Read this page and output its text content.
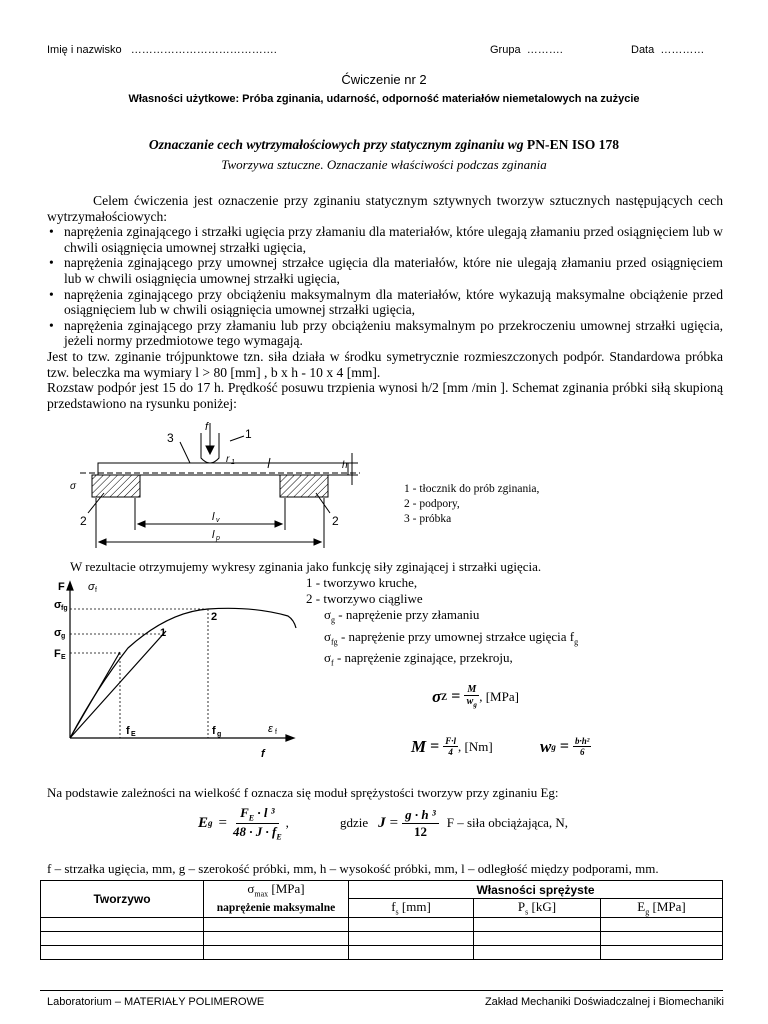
Imię i nazwisko ………………………………….	Grupa ……….	Data …………
Ćwiczenie nr 2
Własności użytkowe: Próba zginania, udarność, odporność materiałów niemetalowych na zużycie
Oznaczanie cech wytrzymałościowych przy statycznym zginaniu wg PN-EN ISO 178
Tworzywa sztuczne. Oznaczanie właściwości podczas zginania
Celem ćwiczenia jest oznaczenie przy zginaniu statycznym sztywnych tworzyw sztucznych następujących cech wytrzymałościowych:
• naprężenia zginającego i strzałki ugięcia przy złamaniu dla materiałów, które ulegają złamaniu przed osiągnięciem lub w chwili osiągnięcia umownej strzałki ugięcia,
• naprężenia zginającego przy umownej strzałce ugięcia dla materiałów, które nie ulegają złamaniu przed osiągnięciem lub w chwili osiągnięcia umownej strzałki ugięcia,
• naprężenia zginającego przy obciążeniu maksymalnym dla materiałów, które wykazują maksymalne obciążenie przed osiągnięciem lub w chwili osiągnięcia umownej strzałki ugięcia,
• naprężenia zginającego przy złamaniu lub przy obciążeniu maksymalnym po przekroczeniu umownej strzałki ugięcia, jeżeli normy przedmiotowe tego wymagają.
Jest to tzw. zginanie trójpunktowe tzn. siła działa w środku symetrycznie rozmieszczonych podpór. Standardowa próbka tzw. beleczka ma wymiary l > 80 [mm] , b x h - 10 x 4 [mm].
Rozstaw podpór jest 15 do 17 h. Prędkość posuwu trzpienia wynosi h/2 [mm /min ]. Schemat zginania próbki siłą skupioną przedstawiono na rysunku poniżej:
3
f	1
r 1	h
σ
2	2
l v
l p
1 - tłocznik do prób zginania,
2 - podpory,
3 - próbka
W rezultacie otrzymujemy wykresy zginania jako funkcję siły zginającej i strzałki ugięcia.
F σ f
σ fg
σ g
F E
f E	f g	ε f
f
1
2
1 - tworzywo kruche,
2 - tworzywo ciągliwe
$\sigma_g$ - naprężenie przy złamaniu
$\sigma_{fg}$ - naprężenie przy umownej strzałce ugięcia $f_g$
$\sigma_f$ - naprężenie zginające, przekroju,
σ $Z = \frac{M}{w_g}$ , [MPa]
$M = \frac{F\cdot l}{4}$ , [Nm]	w $g = \frac{\text{b·h²}}{6}$
Na podstawie zależności na wielkość f oznacza się moduł sprężystości tworzyw przy zginaniu Eg:
E $g = \frac{F_E \cdot l ^3}{48 \cdot J \cdot f_E}$ ,	gdzie $J = \frac{\text{g · h ³}}{12}$ F – siła obciążająca, N,
f – strzałka ugięcia, mm, g – szerokość próbki, mm, h – wysokość próbki, mm, l – odległość między podporami, mm.
Tworzywo	$\sigma_{max}$ [MPa]	Własności sprężyste		
	naprężenie maksymalne	$f_s$ [mm]	$P_s$ [kG]	$E_g$ [MPa]

Laboratorium – MATERIAŁY POLIMEROWE	Zakład Mechaniki Doświadczalnej i Biomechaniki
